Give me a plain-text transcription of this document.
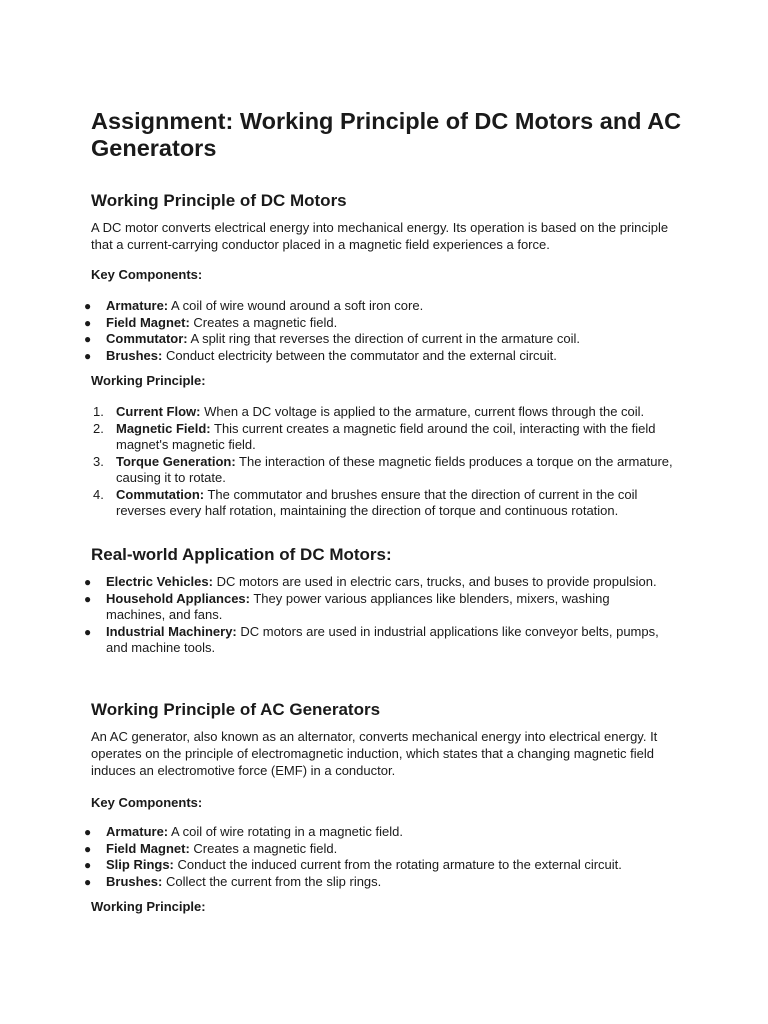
Assignment: Working Principle of DC Motors and AC Generators
Working Principle of DC Motors

A DC motor converts electrical energy into mechanical energy. Its operation is based on the principle that a current-carrying conductor placed in a magnetic field experiences a force.

Key Components:
●	Armature: A coil of wire wound around a soft iron core.
●	Field Magnet: Creates a magnetic field.
●	Commutator: A split ring that reverses the direction of current in the armature coil.
●	Brushes: Conduct electricity between the commutator and the external circuit.
Working Principle:
1. Current Flow: When a DC voltage is applied to the armature, current flows through the coil.
2. Magnetic Field: This current creates a magnetic field around the coil, interacting with the field magnet's magnetic field.
3. Torque Generation: The interaction of these magnetic fields produces a torque on the armature, causing it to rotate.
4. Commutation: The commutator and brushes ensure that the direction of current in the coil reverses every half rotation, maintaining the direction of torque and continuous rotation.
Real-world Application of DC Motors:
●	Electric Vehicles: DC motors are used in electric cars, trucks, and buses to provide propulsion.
●	Household Appliances: They power various appliances like blenders, mixers, washing machines, and fans.
●	Industrial Machinery: DC motors are used in industrial applications like conveyor belts, pumps, and machine tools.
Working Principle of AC Generators

An AC generator, also known as an alternator, converts mechanical energy into electrical energy. It operates on the principle of electromagnetic induction, which states that a changing magnetic field induces an electromotive force (EMF) in a conductor.

Key Components:
●	Armature: A coil of wire rotating in a magnetic field.
●	Field Magnet: Creates a magnetic field.
●	Slip Rings: Conduct the induced current from the rotating armature to the external circuit.
●	Brushes: Collect the current from the slip rings.
Working Principle:
